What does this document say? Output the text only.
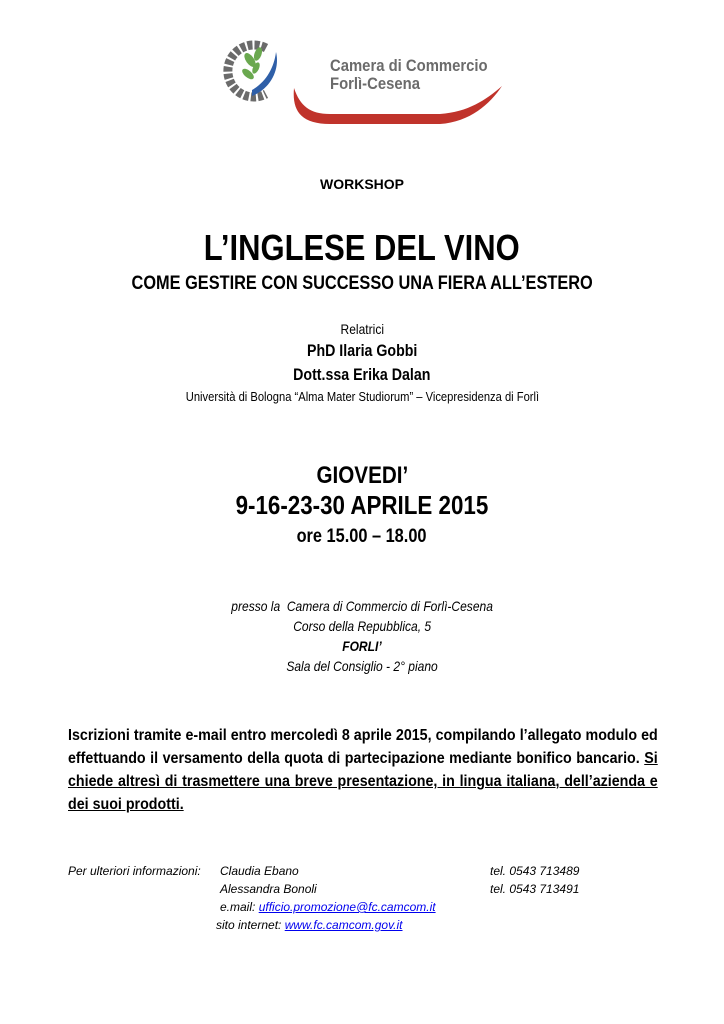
Camera di Commercio
Forlì-Cesena
WORKSHOP
L’INGLESE DEL VINO
COME GESTIRE CON SUCCESSO UNA FIERA ALL’ESTERO
Relatrici
PhD Ilaria Gobbi
Dott.ssa Erika Dalan
Università di Bologna “Alma Mater Studiorum” – Vicepresidenza di Forlì
GIOVEDI’
9-16-23-30 APRILE 2015
ore 15.00 – 18.00
presso la  Camera di Commercio di Forlì-Cesena
Corso della Repubblica, 5
FORLI’
Sala del Consiglio - 2° piano
Iscrizioni tramite e-mail entro mercoledì 8 aprile 2015, compilando l’allegato modulo ed effettuando il versamento della quota di partecipazione mediante bonifico bancario. Si chiede altresì di trasmettere una breve presentazione, in lingua italiana, dell’azienda e dei suoi prodotti.
Per ulteriori informazioni: Claudia Ebano	tel. 0543 713489
Alessandra Bonoli	tel. 0543 713491
e.mail: ufficio.promozione@fc.camcom.it
sito internet: www.fc.camcom.gov.it
